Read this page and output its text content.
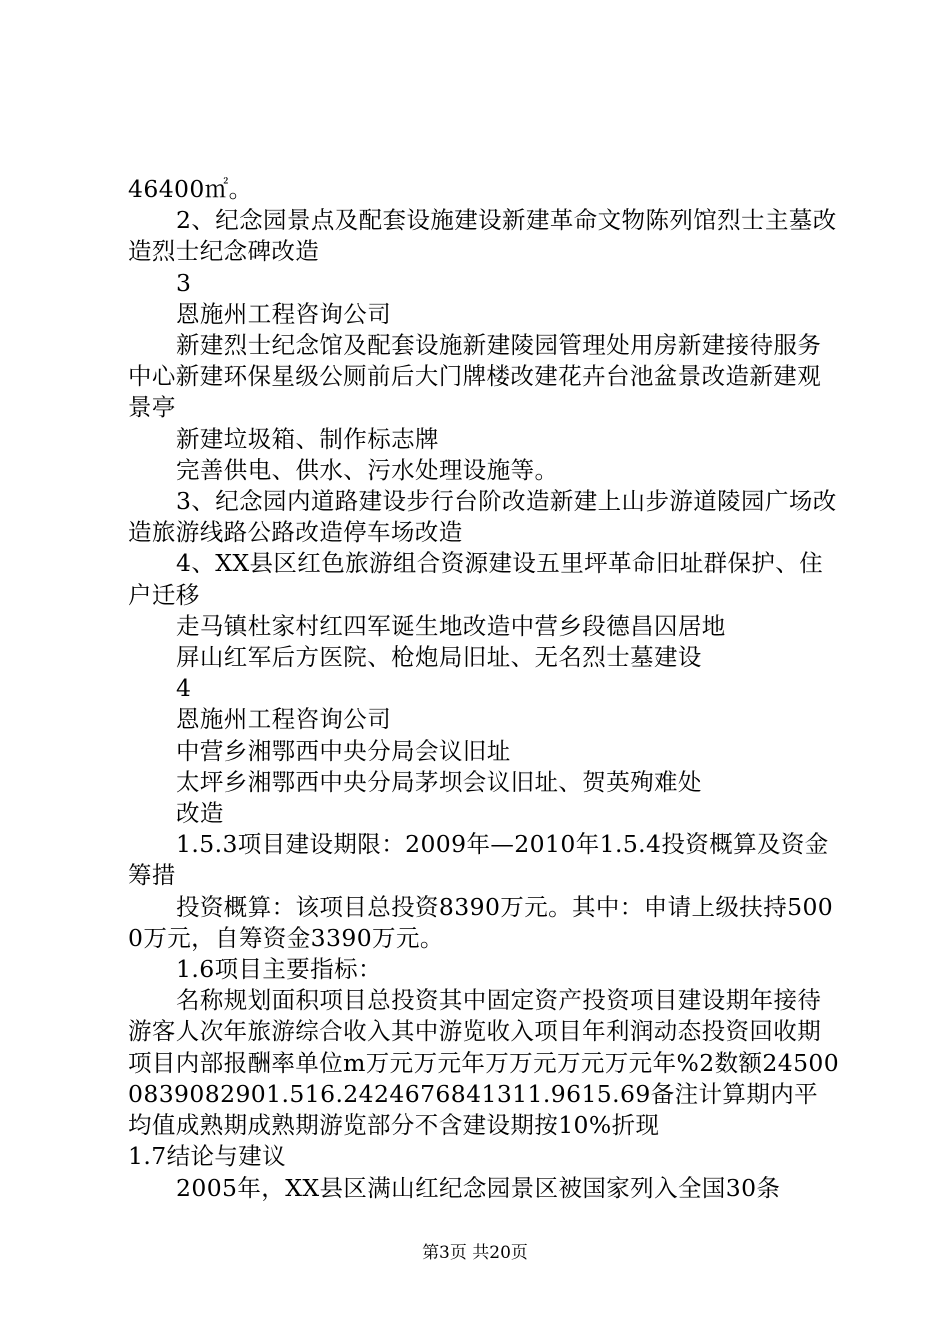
46400㎡。

2、纪念园景点及配套设施建设新建革命文物陈列馆烈士主墓改造烈士纪念碑改造

3

恩施州工程咨询公司

新建烈士纪念馆及配套设施新建陵园管理处用房新建接待服务中心新建环保星级公厕前后大门牌楼改建花卉台池盆景改造新建观景亭

新建垃圾箱、制作标志牌

完善供电、供水、污水处理设施等。

3、纪念园内道路建设步行台阶改造新建上山步游道陵园广场改造旅游线路公路改造停车场改造

4、XX县区红色旅游组合资源建设五里坪革命旧址群保护、住户迁移

走马镇杜家村红四军诞生地改造中营乡段德昌囚居地

屏山红军后方医院、枪炮局旧址、无名烈士墓建设

4

恩施州工程咨询公司

中营乡湘鄂西中央分局会议旧址

太坪乡湘鄂西中央分局茅坝会议旧址、贺英殉难处

改造

1.5.3项目建设期限：2009年—2010年1.5.4投资概算及资金筹措

投资概算：该项目总投资8390万元。其中：申请上级扶持5000万元，自筹资金3390万元。

1.6项目主要指标：

名称规划面积项目总投资其中固定资产投资项目建设期年接待游客人次年旅游综合收入其中游览收入项目年利润动态投资回收期项目内部报酬率单位m万元万元年万万元万元万元年%2数额245000839082901.516.2424676841311.9615.69备注计算期内平均值成熟期成熟期游览部分不含建设期按10%折现

1.7结论与建议

2005年，XX县区满山红纪念园景区被国家列入全国30条

第3页 共20页
